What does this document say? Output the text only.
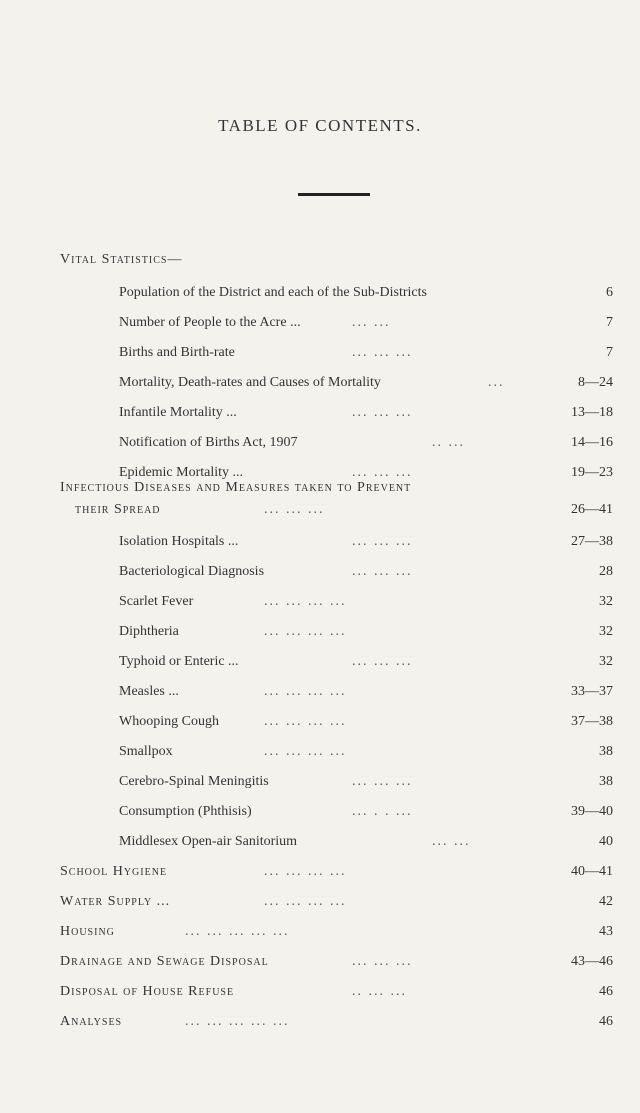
TABLE OF CONTENTS.
Vital Statistics—
Population of the District and each of the Sub-Districts	6
Number of People to the Acre ...	... ...	7
Births and Birth-rate	... ... ...	7
Mortality, Death-rates and Causes of Mortality	...	8—24
Infantile Mortality ...	... ... ...	13—18
Notification of Births Act, 1907	.. ...	14—16
Epidemic Mortality ...	... ... ...	19—23
Infectious Diseases and Measures taken to Prevent
their Spread	... ... ...	26—41
Isolation Hospitals ...	... ... ...	27—38
Bacteriological Diagnosis	... ... ...	28
Scarlet Fever	... ... ... ...	32
Diphtheria	... ... ... ...	32
Typhoid or Enteric ...	... ... ...	32
Measles ...	... ... ... ...	33—37
Whooping Cough	... ... ... ...	37—38
Smallpox	... ... ... ...	38
Cerebro-Spinal Meningitis	... ... ...	38
Consumption (Phthisis)	... . . ...	39—40
Middlesex Open-air Sanitorium	... ...	40
School Hygiene	... ... ... ...	40—41
Water Supply ...	... ... ... ...	42
Housing	... ... ... ... ...	43
Drainage and Sewage Disposal	... ... ...	43—46
Disposal of House Refuse	.. ... ...	46
Analyses	... ... ... ... ...	46
